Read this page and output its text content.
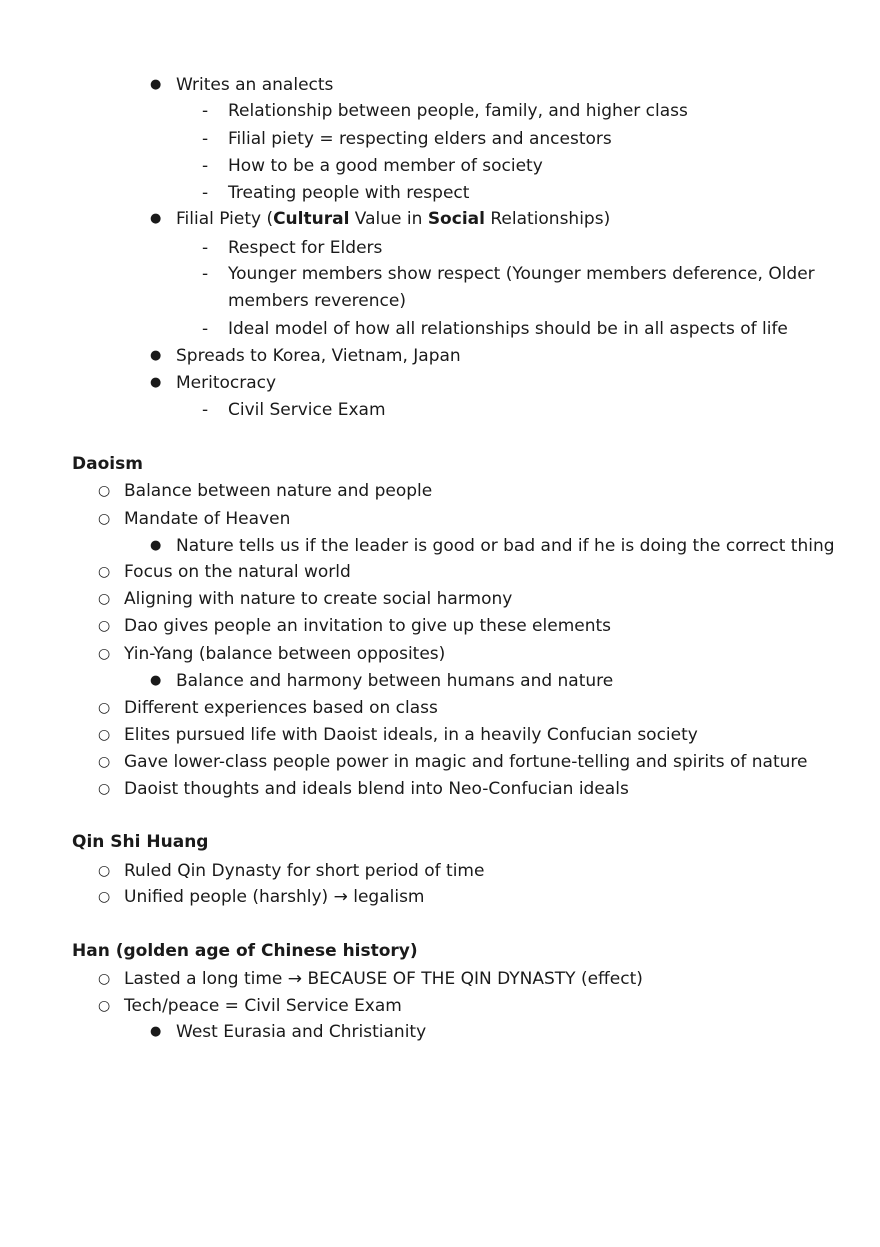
● Writes an analects
- Relationship between people, family, and higher class
- Filial piety = respecting elders and ancestors
- How to be a good member of society
- Treating people with respect
● Filial Piety (Cultural Value in Social Relationships)
- Respect for Elders
- Younger members show respect (Younger members deference, Older
members reverence)
- Ideal model of how all relationships should be in all aspects of life
● Spreads to Korea, Vietnam, Japan
● Meritocracy
- Civil Service Exam
Daoism
○ Balance between nature and people
○ Mandate of Heaven
● Nature tells us if the leader is good or bad and if he is doing the correct thing
○ Focus on the natural world
○ Aligning with nature to create social harmony
○ Dao gives people an invitation to give up these elements
○ Yin-Yang (balance between opposites)
● Balance and harmony between humans and nature
○ Different experiences based on class
○ Elites pursued life with Daoist ideals, in a heavily Confucian society
○ Gave lower-class people power in magic and fortune-telling and spirits of nature
○ Daoist thoughts and ideals blend into Neo-Confucian ideals
Qin Shi Huang
○ Ruled Qin Dynasty for short period of time
○ Unified people (harshly) → legalism
Han (golden age of Chinese history)
○ Lasted a long time → BECAUSE OF THE QIN DYNASTY (effect)
○ Tech/peace = Civil Service Exam
● West Eurasia and Christianity
